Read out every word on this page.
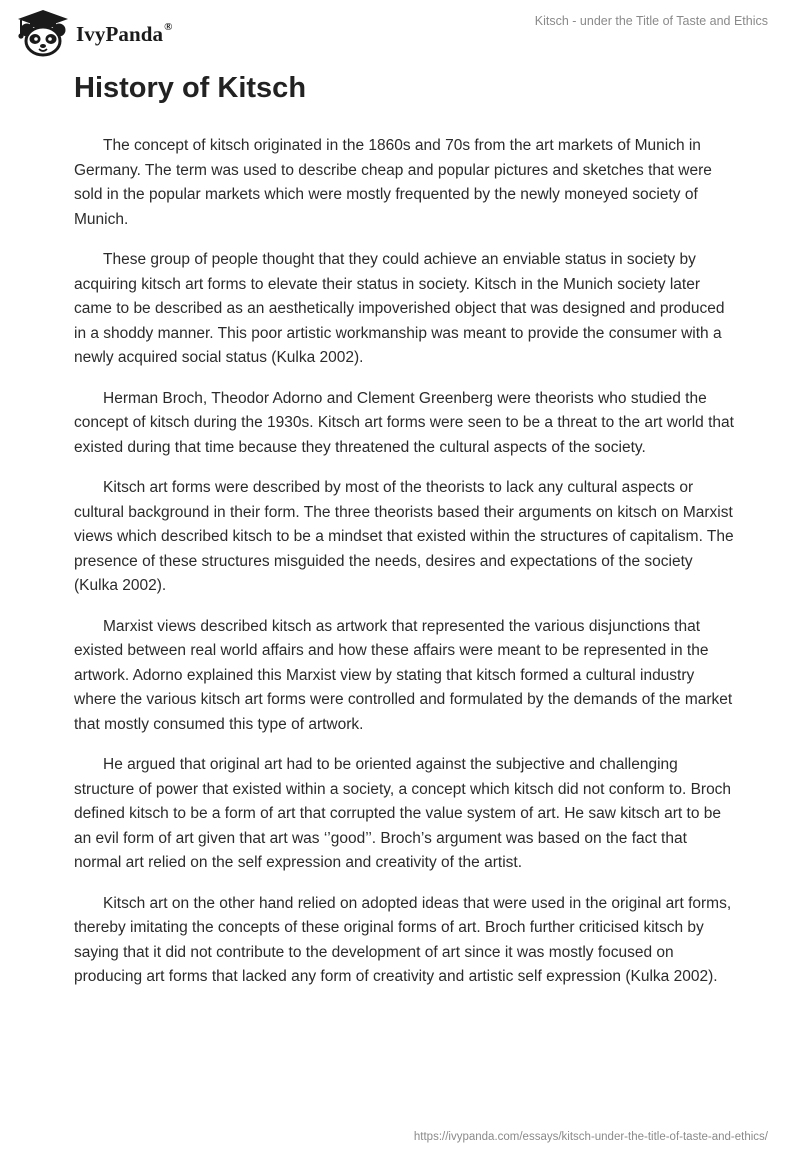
IvyPanda®	Kitsch - under the Title of Taste and Ethics
History of Kitsch

The concept of kitsch originated in the 1860s and 70s from the art markets of Munich in Germany. The term was used to describe cheap and popular pictures and sketches that were sold in the popular markets which were mostly frequented by the newly moneyed society of Munich.

These group of people thought that they could achieve an enviable status in society by acquiring kitsch art forms to elevate their status in society. Kitsch in the Munich society later came to be described as an aesthetically impoverished object that was designed and produced in a shoddy manner. This poor artistic workmanship was meant to provide the consumer with a newly acquired social status (Kulka 2002).

Herman Broch, Theodor Adorno and Clement Greenberg were theorists who studied the concept of kitsch during the 1930s. Kitsch art forms were seen to be a threat to the art world that existed during that time because they threatened the cultural aspects of the society.

Kitsch art forms were described by most of the theorists to lack any cultural aspects or cultural background in their form. The three theorists based their arguments on kitsch on Marxist views which described kitsch to be a mindset that existed within the structures of capitalism. The presence of these structures misguided the needs, desires and expectations of the society (Kulka 2002).

Marxist views described kitsch as artwork that represented the various disjunctions that existed between real world affairs and how these affairs were meant to be represented in the artwork. Adorno explained this Marxist view by stating that kitsch formed a cultural industry where the various kitsch art forms were controlled and formulated by the demands of the market that mostly consumed this type of artwork.

He argued that original art had to be oriented against the subjective and challenging structure of power that existed within a society, a concept which kitsch did not conform to. Broch defined kitsch to be a form of art that corrupted the value system of art. He saw kitsch art to be an evil form of art given that art was ‘’good’’. Broch’s argument was based on the fact that normal art relied on the self expression and creativity of the artist.

Kitsch art on the other hand relied on adopted ideas that were used in the original art forms, thereby imitating the concepts of these original forms of art. Broch further criticised kitsch by saying that it did not contribute to the development of art since it was mostly focused on producing art forms that lacked any form of creativity and artistic self expression (Kulka 2002).

https://ivypanda.com/essays/kitsch-under-the-title-of-taste-and-ethics/
